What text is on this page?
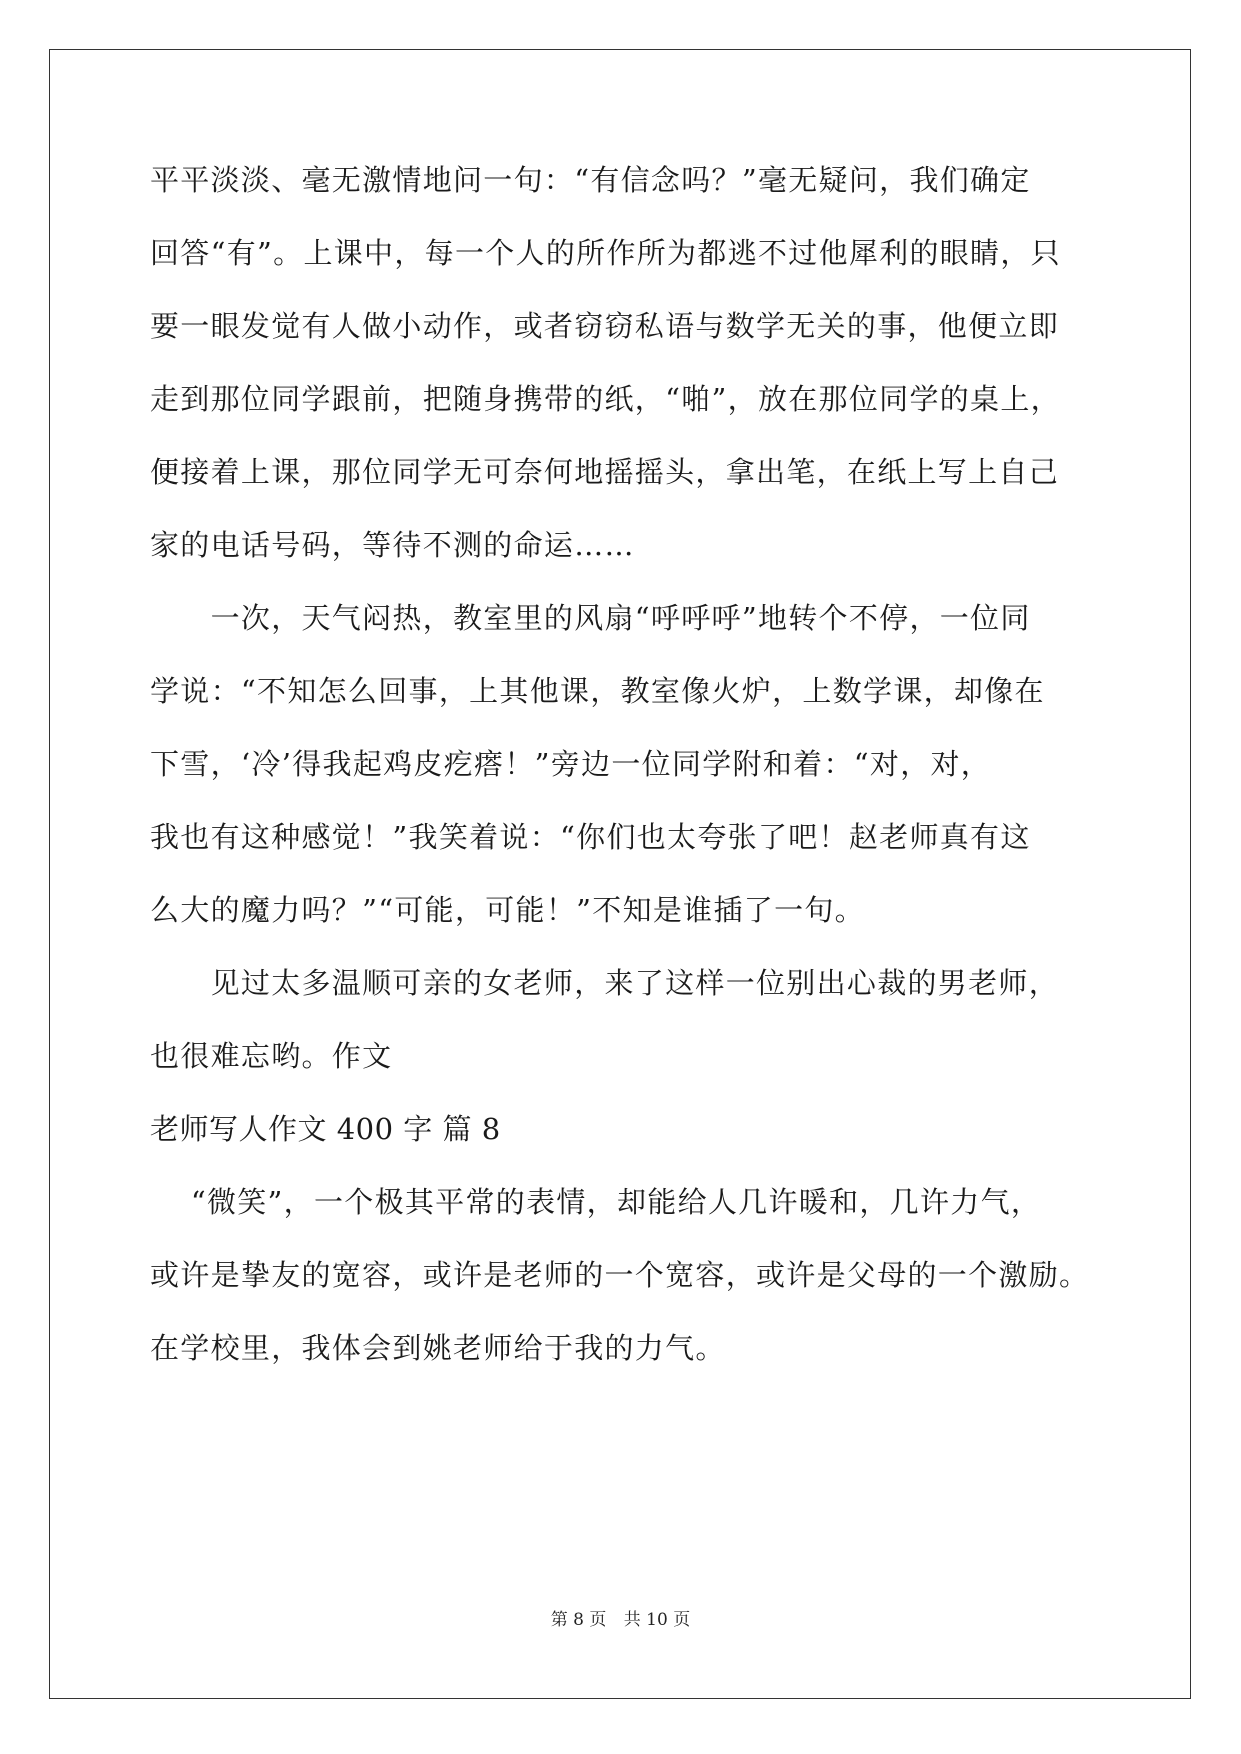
平平淡淡、毫无激情地问一句：“有信念吗？”毫无疑问，我们确定
回答“有”。上课中，每一个人的所作所为都逃不过他犀利的眼睛，只
要一眼发觉有人做小动作，或者窃窃私语与数学无关的事，他便立即
走到那位同学跟前，把随身携带的纸，“啪”，放在那位同学的桌上，
便接着上课，那位同学无可奈何地摇摇头，拿出笔，在纸上写上自己
家的电话号码，等待不测的命运……
　　一次，天气闷热，教室里的风扇“呼呼呼”地转个不停，一位同
学说：“不知怎么回事，上其他课，教室像火炉，上数学课，却像在
下雪，‘冷’得我起鸡皮疙瘩！”旁边一位同学附和着：“对，对，
我也有这种感觉！”我笑着说：“你们也太夸张了吧！赵老师真有这
么大的魔力吗？”“可能，可能！”不知是谁插了一句。
　　见过太多温顺可亲的女老师，来了这样一位别出心裁的男老师，
也很难忘哟。作文
老师写人作文 400 字 篇 8
　 “微笑”，一个极其平常的表情，却能给人几许暖和，几许力气，
或许是挚友的宽容，或许是老师的一个宽容，或许是父母的一个激励。
在学校里，我体会到姚老师给于我的力气。
第 8 页 共 10 页
